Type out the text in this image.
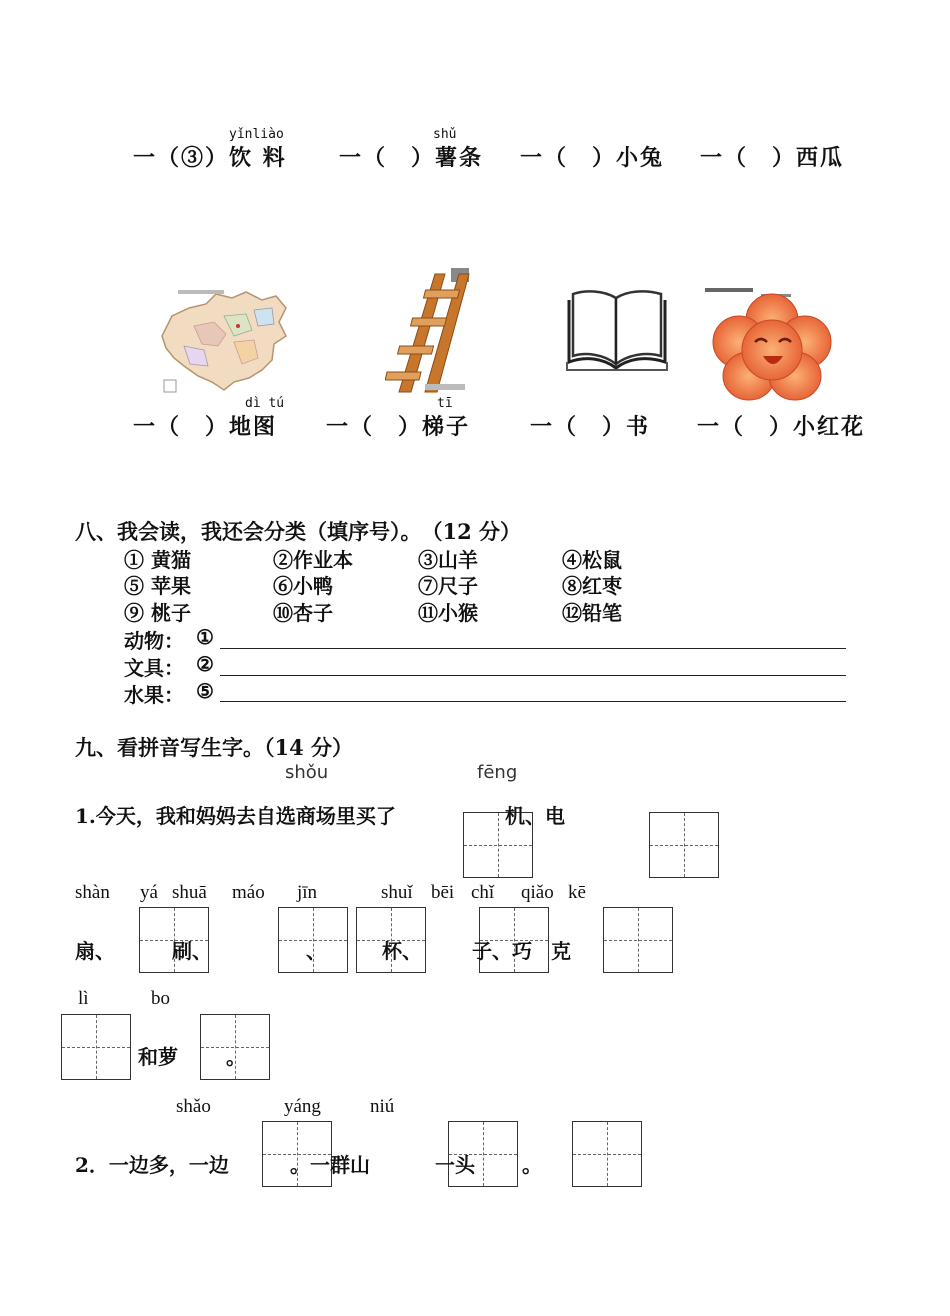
yǐnliào	shǔ
一（③）饮 料 一（　）薯条 一（　）小兔 一（　）西瓜
dì tú	tī
一（　）地图 一（　）梯子	一（　）书 一（　）小红花
八、我会读，我还会分类（填序号）。　（12 分）
① 黄猫	②作业本	③山羊	④松鼠
⑤ 苹果	⑥小鸭	⑦尺子	⑧红枣
⑨ 桃子	⑩杏子	⑪小猴	⑫铅笔
动物： ①
文具： ②
水果： ⑤
九、看拼音写生字。（14 分）
shǒu	fēng
1.今天，我和妈妈去自选商场里买了	机、电
shàn yá shuā máo jīn	shuǐ bēi chǐ qiǎo kē
扇、	刷、	、	杯、	子、巧 克
lì	bo
和萝 。
shǎo	yáng	niú
2．一边多，一边	。一群山	一头 。
